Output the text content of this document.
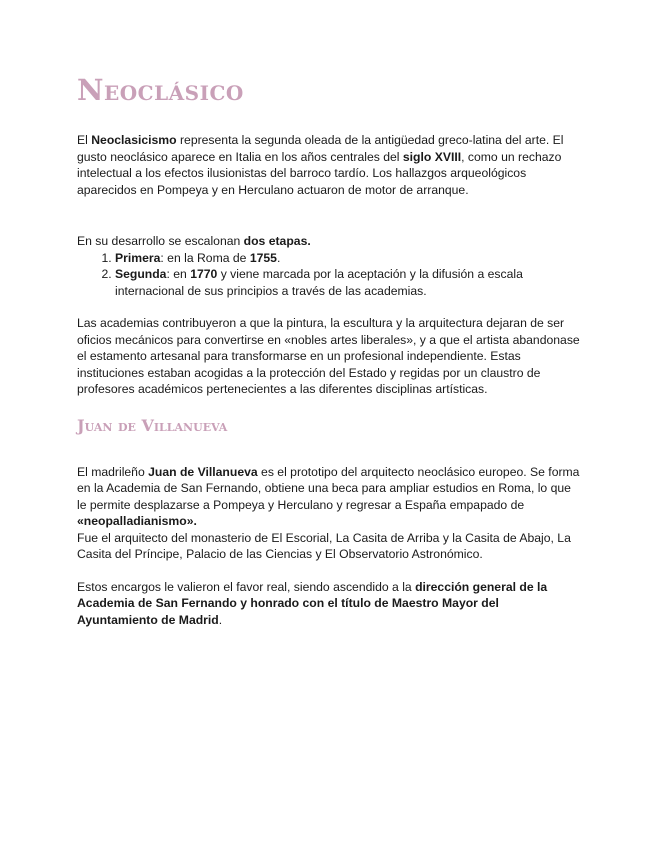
Neoclásico

El Neoclasicismo representa la segunda oleada de la antigüedad greco-latina del arte. El gusto neoclásico aparece en Italia en los años centrales del siglo XVIII, como un rechazo intelectual a los efectos ilusionistas del barroco tardío. Los hallazgos arqueológicos aparecidos en Pompeya y en Herculano actuaron de motor de arranque.

En su desarrollo se escalonan dos etapas.

1. Primera: en la Roma de 1755.
2. Segunda: en 1770 y viene marcada por la aceptación y la difusión a escala internacional de sus principios a través de las academias.

Las academias contribuyeron a que la pintura, la escultura y la arquitectura dejaran de ser oficios mecánicos para convertirse en «nobles artes liberales», y a que el artista abandonase el estamento artesanal para transformarse en un profesional independiente. Estas instituciones estaban acogidas a la protección del Estado y regidas por un claustro de profesores académicos pertenecientes a las diferentes disciplinas artísticas.

Juan de Villanueva

El madrileño Juan de Villanueva es el prototipo del arquitecto neoclásico europeo. Se forma en la Academia de San Fernando, obtiene una beca para ampliar estudios en Roma, lo que le permite desplazarse a Pompeya y Herculano y regresar a España empapado de «neopalladianismo».
Fue el arquitecto del monasterio de El Escorial, La Casita de Arriba y la Casita de Abajo, La Casita del Príncipe, Palacio de las Ciencias y El Observatorio Astronómico.

Estos encargos le valieron el favor real, siendo ascendido a la dirección general de la Academia de San Fernando y honrado con el título de Maestro Mayor del Ayuntamiento de Madrid.
